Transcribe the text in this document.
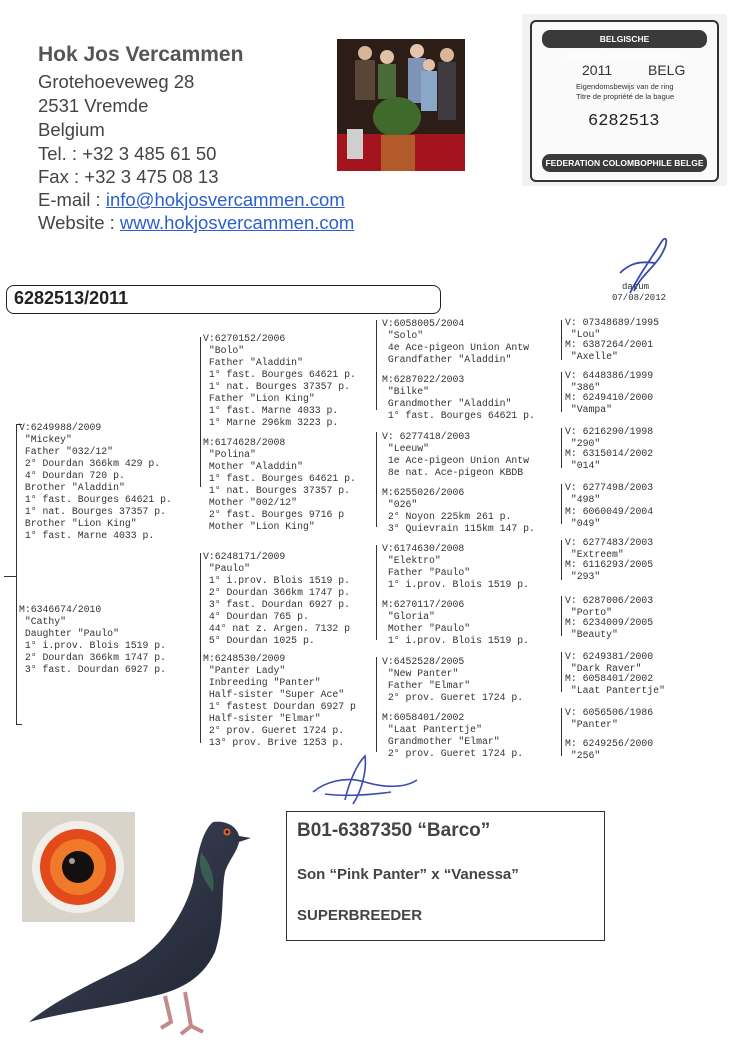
Hok Jos Vercammen
Grotehoeveweg 28
2531 Vremde
Belgium
Tel. : +32 3 485 61 50
Fax : +32 3 475 08 13
E-mail : info@hokjosvercammen.com
Website : www.hokjosvercammen.com
BELGISCHE DUIVENLIEFHEBBERSBOND
2011	BELG
Eigendomsbewijs van de ring
Titre de propriété de la bague
6282513
FEDERATION COLOMBOPHILE BELGE
datum
07/08/2012
6282513/2011
V:6249988/2009
"Mickey"
Father "032/12"
2° Dourdan 366km 429 p.
4° Dourdan 720 p.
Brother "Aladdin"
1° fast. Bourges 64621 p.
1° nat. Bourges 37357 p.
Brother "Lion King"
1° fast. Marne 4033 p.
M:6346674/2010
"Cathy"
Daughter "Paulo"
1° i.prov. Blois 1519 p.
2° Dourdan 366km 1747 p.
3° fast. Dourdan 6927 p.
V:6270152/2006
"Bolo"
Father "Aladdin"
1° fast. Bourges 64621 p.
1° nat. Bourges 37357 p.
Father "Lion King"
1° fast. Marne 4033 p.
1° Marne 296km 3223 p.
M:6174628/2008
"Polina"
Mother "Aladdin"
1° fast. Bourges 64621 p.
1° nat. Bourges 37357 p.
Mother "002/12"
2° fast. Bourges 9716 p
Mother "Lion King"
V:6248171/2009
"Paulo"
1° i.prov. Blois 1519 p.
2° Dourdan 366km 1747 p.
3° fast. Dourdan 6927 p.
4° Dourdan 765 p.
44° nat z. Argen. 7132 p
5° Dourdan 1025 p.
M:6248530/2009
"Panter Lady"
Inbreeding "Panter"
Half-sister "Super Ace"
1° fastest Dourdan 6927 p
Half-sister "Elmar"
2° prov. Gueret 1724 p.
13° prov. Brive 1253 p.
V:6058005/2004
"Solo"
4e Ace-pigeon Union Antw
Grandfather "Aladdin"
M:6287022/2003
"Bilke"
Grandmother "Aladdin"
1° fast. Bourges 64621 p.
V: 6277418/2003
"Leeuw"
1e Ace-pigeon Union Antw
8e nat. Ace-pigeon KBDB
M:6255026/2006
"026"
2° Noyon 225km 261 p.
3° Quievrain 115km 147 p.
V:6174630/2008
"Elektro"
Father "Paulo"
1° i.prov. Blois 1519 p.
M:6270117/2006
"Gloria"
Mother "Paulo"
1° i.prov. Blois 1519 p.
V:6452528/2005
"New Panter"
Father "Elmar"
2° prov. Gueret 1724 p.
M:6058401/2002
"Laat Pantertje"
Grandmother "Elmar"
2° prov. Gueret 1724 p.
V: 07348689/1995
"Lou"
M: 6387264/2001
"Axelle"
V: 6448386/1999
"386"
M: 6249410/2000
"Vampa"
V: 6216290/1998
"290"
M: 6315014/2002
"014"
V: 6277498/2003
"498"
M: 6060049/2004
"049"
V: 6277483/2003
"Extreem"
M: 6116293/2005
"293"
V: 6287006/2003
"Porto"
M: 6234009/2005
"Beauty"
V: 6249381/2000
"Dark Raver"
M: 6058401/2002
"Laat Pantertje"
V: 6056506/1986
"Panter"
M: 6249256/2000
"256"
B01-6387350 “Barco”
Son “Pink Panter” x “Vanessa”
SUPERBREEDER
